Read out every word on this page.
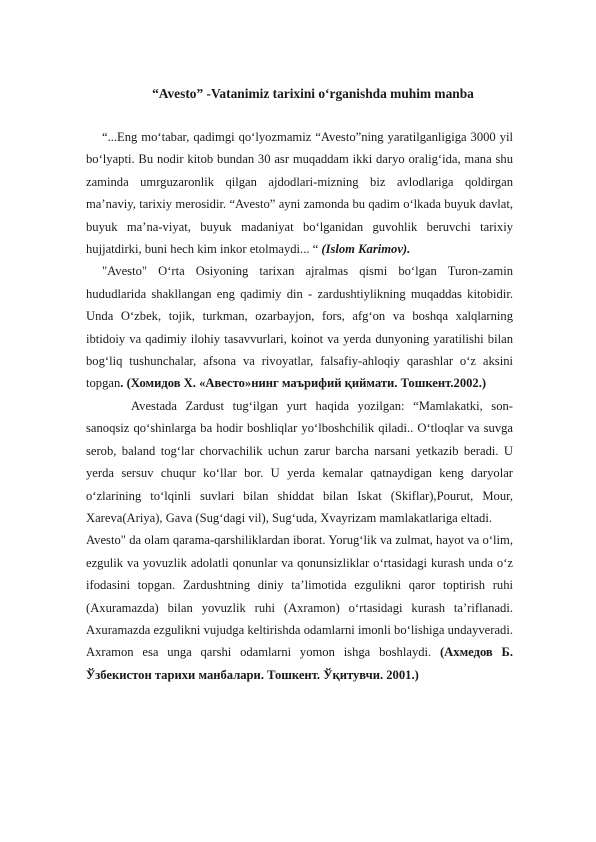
“Avesto” -Vatanimiz tarixini o‘rganishda muhim manba

“...Eng mo‘tabar, qadimgi qo‘lyozmamiz “Avesto”ning yaratilganligiga 3000 yil bo‘lyapti. Bu nodir kitob bundan 30 asr muqaddam ikki daryo oralig‘ida, mana shu zaminda umrguzaronlik qilgan ajdodlari-mizning biz avlodlariga qoldirgan ma’naviy, tarixiy merosidir. “Avesto” ayni zamonda bu qadim o‘lkada buyuk davlat, buyuk ma’na-viyat, buyuk madaniyat bo‘lganidan guvohlik beruvchi tarixiy hujjatdirki, buni hech kim inkor etolmaydi... “ (Islom Karimov).

"Avesto" O‘rta Osiyoning tarixan ajralmas qismi bo‘lgan Turon-zamin hududlarida shakllangan eng qadimiy din - zardushtiylikning muqaddas kitobidir. Unda O‘zbek, tojik, turkman, ozarbayjon, fors, afg‘on va boshqa xalqlarning ibtidoiy va qadimiy ilohiy tasavvurlari, koinot va yerda dunyoning yaratilishi bilan bog‘liq tushunchalar, afsona va rivoyatlar, falsafiy-ahloqiy qarashlar o‘z aksini topgan. (Хомидов Х. «Авесто»нинг маърифий қиймати. Тошкент.2002.)

Avestada Zardust tug‘ilgan yurt haqida yozilgan: “Mamlakatki, son-sanoqsiz qo‘shinlarga ba hodir boshliqlar yo‘lboshchilik qiladi.. O‘tloqlar va suvga serob, baland tog‘lar chorvachilik uchun zarur barcha narsani yetkazib beradi. U yerda sersuv chuqur ko‘llar bor. U yerda kemalar qatnaydigan keng daryolar o‘zlarining to‘lqinli suvlari bilan shiddat bilan Iskat (Skiflar),Pourut, Mour, Xareva(Ariya), Gava (Sug‘dagi vil), Sug‘uda, Xvayrizam mamlakatlariga eltadi.

Avesto" da olam qarama-qarshiliklardan iborat. Yorug‘lik va zulmat, hayot va o‘lim, ezgulik va yovuzlik adolatli qonunlar va qonunsizliklar o‘rtasidagi kurash unda o‘z ifodasini topgan. Zardushtning diniy ta’limotida ezgulikni qaror toptirish ruhi (Axuramazda) bilan yovuzlik ruhi (Axramon) o‘rtasidagi kurash ta’riflanadi. Axuramazda ezgulikni vujudga keltirishda odamlarni imonli bo‘lishiga undayveradi. Axramon esa unga qarshi odamlarni yomon ishga boshlaydi. (Ахмедов Б. Ўзбекистон тарихи манбалари. Тошкент. Ўқитувчи. 2001.)
